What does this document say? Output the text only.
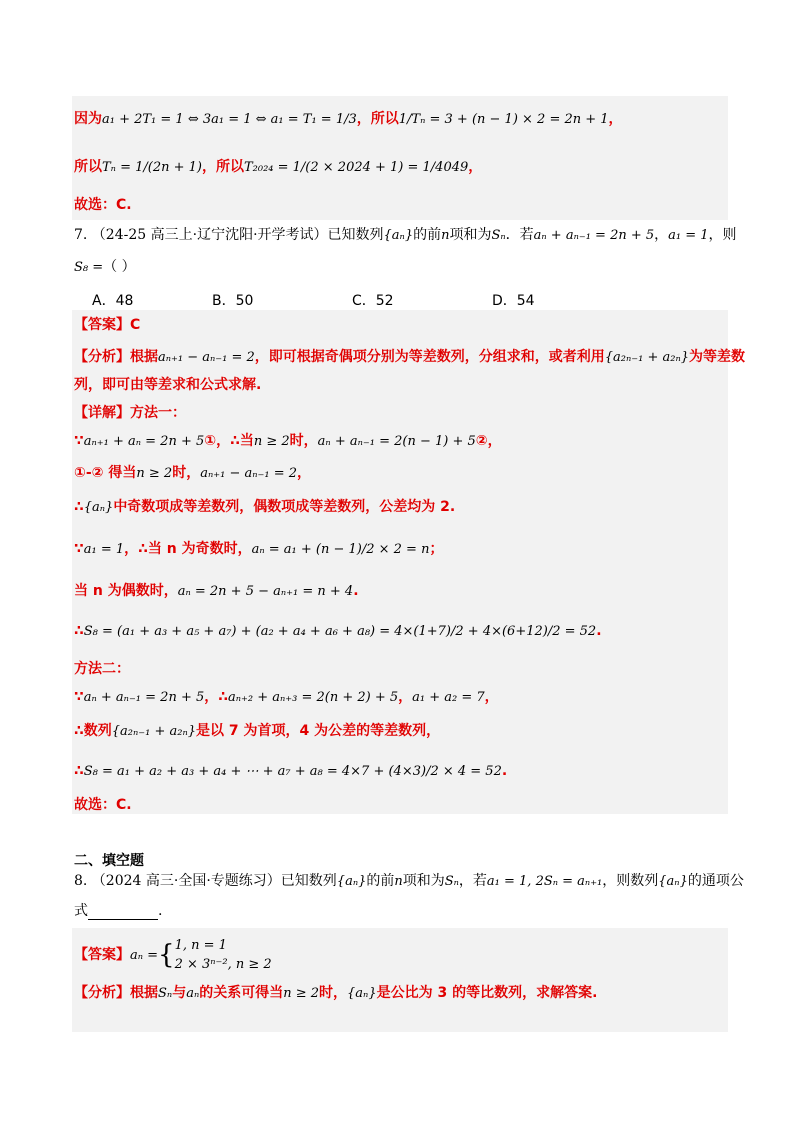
因为a₁ + 2T₁ = 1 ⇔ 3a₁ = 1 ⇔ a₁ = T₁ = 1/3，所以1/Tₙ = 3 + (n − 1) × 2 = 2n + 1，
所以Tₙ = 1/(2n + 1)，所以T₂₀₂₄ = 1/(2 × 2024 + 1) = 1/4049，
故选：C.
7. （24-25 高三上·辽宁沈阳·开学考试）已知数列{aₙ}的前n项和为Sₙ．若aₙ + aₙ₋₁ = 2n + 5，a₁ = 1，则
S₈ =（ ）
A．48	B．50	C．52	D．54
【答案】C
【分析】根据aₙ₊₁ − aₙ₋₁ = 2，即可根据奇偶项分别为等差数列，分组求和，或者利用{a₂ₙ₋₁ + a₂ₙ}为等差数
列，即可由等差求和公式求解.
【详解】方法一：
∵aₙ₊₁ + aₙ = 2n + 5①，∴当n ≥ 2时，aₙ + aₙ₋₁ = 2(n − 1) + 5②，
①-② 得当n ≥ 2时，aₙ₊₁ − aₙ₋₁ = 2，
∴{aₙ}中奇数项成等差数列，偶数项成等差数列，公差均为 2.
∵a₁ = 1，∴当 n 为奇数时，aₙ = a₁ + (n − 1)/2 × 2 = n；
当 n 为偶数时，aₙ = 2n + 5 − aₙ₊₁ = n + 4.
∴S₈ = (a₁ + a₃ + a₅ + a₇) + (a₂ + a₄ + a₆ + a₈) = 4×(1+7)/2 + 4×(6+12)/2 = 52.
方法二：
∵aₙ + aₙ₋₁ = 2n + 5，∴aₙ₊₂ + aₙ₊₃ = 2(n + 2) + 5，a₁ + a₂ = 7，
∴数列{a₂ₙ₋₁ + a₂ₙ}是以 7 为首项，4 为公差的等差数列，
∴S₈ = a₁ + a₂ + a₃ + a₄ + ⋯ + a₇ + a₈ = 4×7 + (4×3)/2 × 4 = 52.
故选：C.
二、填空题
8. （2024 高三·全国·专题练习）已知数列{aₙ}的前n项和为Sₙ，若a₁ = 1, 2Sₙ = aₙ₊₁，则数列{aₙ}的通项公
式	.
【答案】aₙ ={1, n = 1
2 × 3ⁿ⁻², n ≥ 2
【分析】根据Sₙ与aₙ的关系可得当n ≥ 2时，{aₙ}是公比为 3 的等比数列，求解答案.
